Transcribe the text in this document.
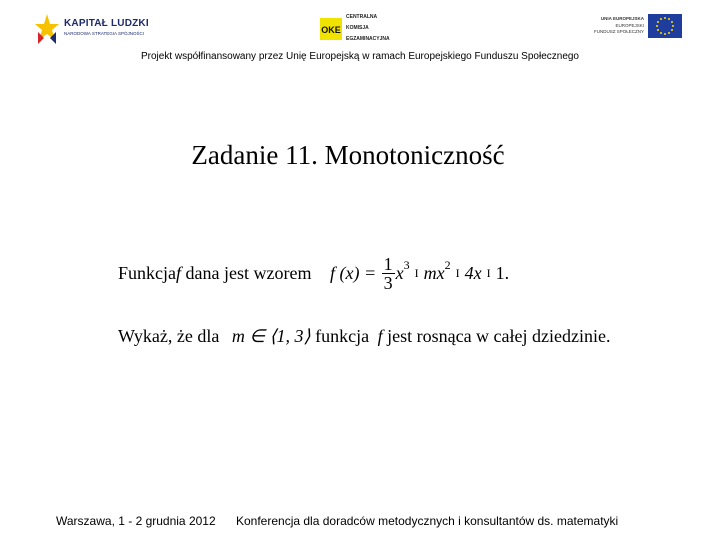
KAPITAŁ LUDZKI
NARODOWA STRATEGIA SPÓJNOŚCI	OKE
CENTRALNA
KOMISJA
EGZAMINACYJNA
UNIA EUROPEJSKA
EUROPEJSKI
FUNDUSZ SPOŁECZNY
Projekt współfinansowany przez Unię Europejską w ramach Europejskiego Funduszu Społecznego
Zadanie 11. Monotoniczność
Funkcjaf dana jest wzorem f $(x) = \frac{1}{3} x^3I$ $mx^2I$ 4x I 1.
Wykaż, że dla m ∈ ⟨1, 3⟩ funkcja f jest rosnąca w całej dziedzinie.
Warszawa, 1 - 2 grudnia 2012 Konferencja dla doradców metodycznych i konsultantów ds. matematyki
